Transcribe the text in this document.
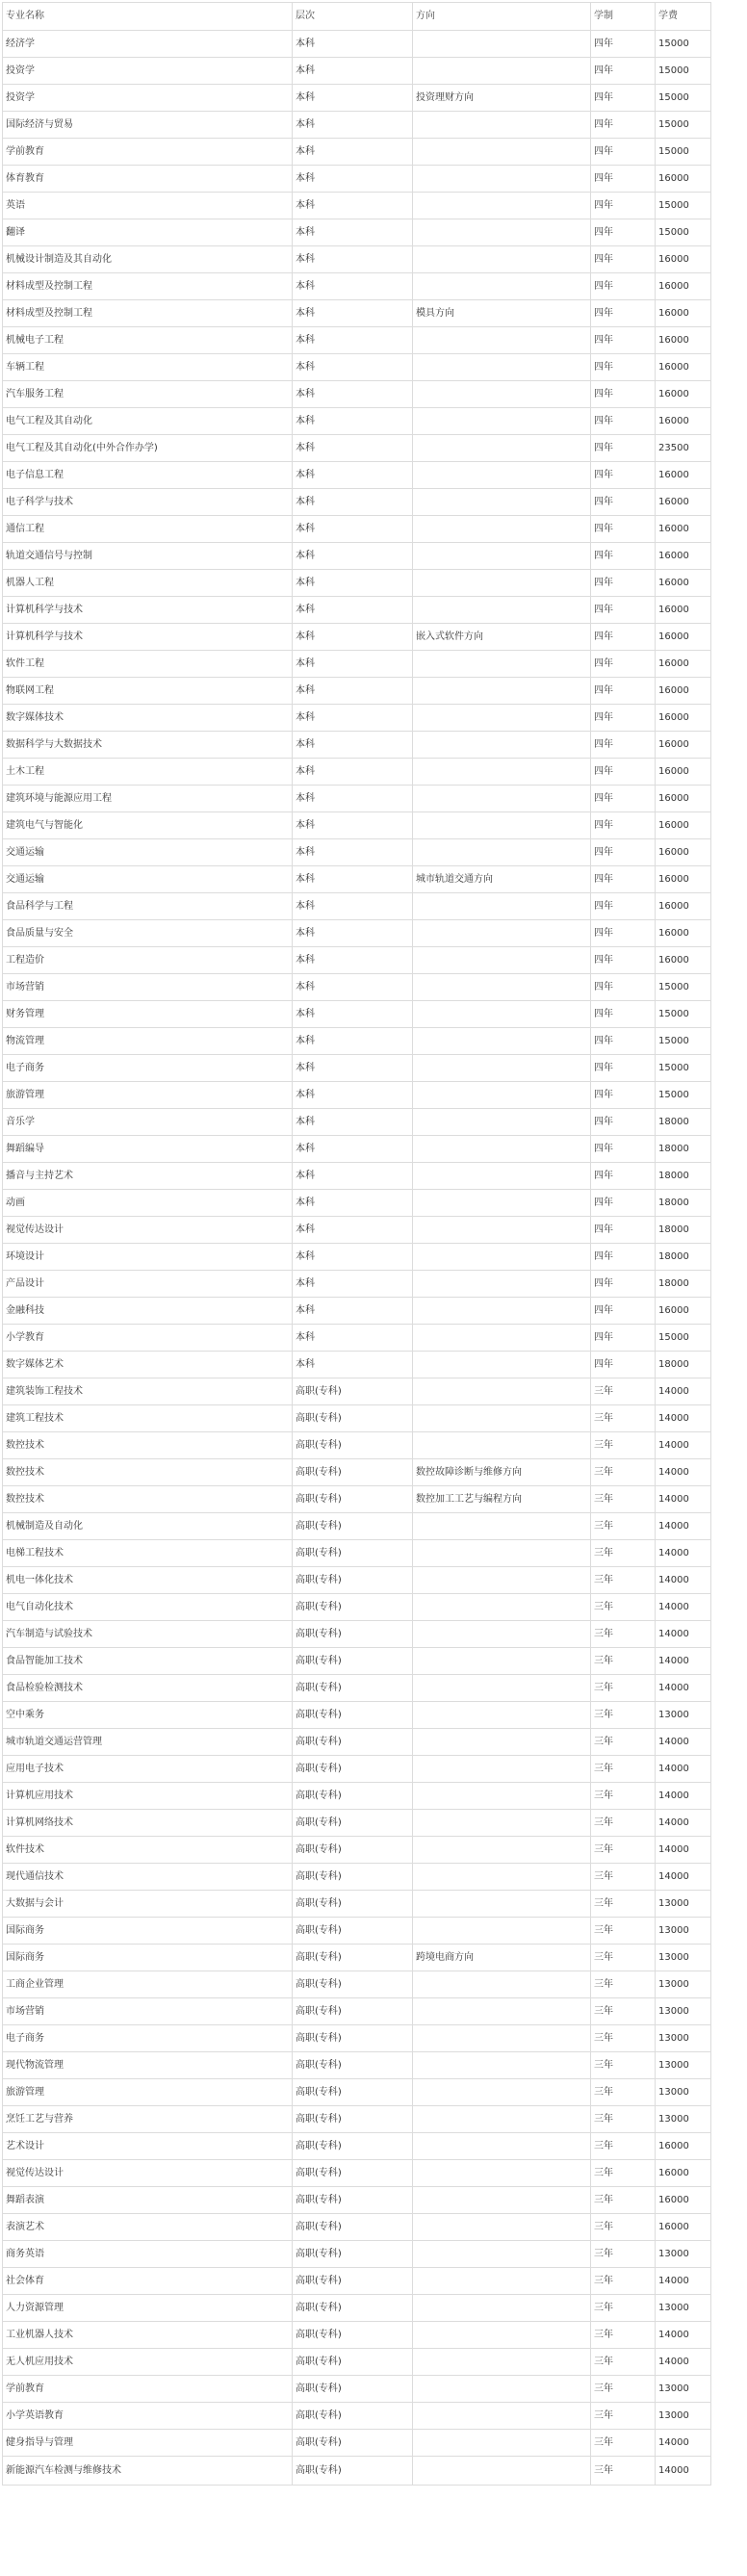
专业名称	层次	方向	学制	学费
经济学	本科		四年	15000
投资学	本科		四年	15000
投资学	本科	投资理财方向	四年	15000
国际经济与贸易	本科		四年	15000
学前教育	本科		四年	15000
体育教育	本科		四年	16000
英语	本科		四年	15000
翻译	本科		四年	15000
机械设计制造及其自动化	本科		四年	16000
材料成型及控制工程	本科		四年	16000
材料成型及控制工程	本科	模具方向	四年	16000
机械电子工程	本科		四年	16000
车辆工程	本科		四年	16000
汽车服务工程	本科		四年	16000
电气工程及其自动化	本科		四年	16000
电气工程及其自动化(中外合作办学)	本科		四年	23500
电子信息工程	本科		四年	16000
电子科学与技术	本科		四年	16000
通信工程	本科		四年	16000
轨道交通信号与控制	本科		四年	16000
机器人工程	本科		四年	16000
计算机科学与技术	本科		四年	16000
计算机科学与技术	本科	嵌入式软件方向	四年	16000
软件工程	本科		四年	16000
物联网工程	本科		四年	16000
数字媒体技术	本科		四年	16000
数据科学与大数据技术	本科		四年	16000
土木工程	本科		四年	16000
建筑环境与能源应用工程	本科		四年	16000
建筑电气与智能化	本科		四年	16000
交通运输	本科		四年	16000
交通运输	本科	城市轨道交通方向	四年	16000
食品科学与工程	本科		四年	16000
食品质量与安全	本科		四年	16000
工程造价	本科		四年	16000
市场营销	本科		四年	15000
财务管理	本科		四年	15000
物流管理	本科		四年	15000
电子商务	本科		四年	15000
旅游管理	本科		四年	15000
音乐学	本科		四年	18000
舞蹈编导	本科		四年	18000
播音与主持艺术	本科		四年	18000
动画	本科		四年	18000
视觉传达设计	本科		四年	18000
环境设计	本科		四年	18000
产品设计	本科		四年	18000
金融科技	本科		四年	16000
小学教育	本科		四年	15000
数字媒体艺术	本科		四年	18000
建筑装饰工程技术	高职(专科)		三年	14000
建筑工程技术	高职(专科)		三年	14000
数控技术	高职(专科)		三年	14000
数控技术	高职(专科)	数控故障诊断与维修方向	三年	14000
数控技术	高职(专科)	数控加工工艺与编程方向	三年	14000
机械制造及自动化	高职(专科)		三年	14000
电梯工程技术	高职(专科)		三年	14000
机电一体化技术	高职(专科)		三年	14000
电气自动化技术	高职(专科)		三年	14000
汽车制造与试验技术	高职(专科)		三年	14000
食品智能加工技术	高职(专科)		三年	14000
食品检验检测技术	高职(专科)		三年	14000
空中乘务	高职(专科)		三年	13000
城市轨道交通运营管理	高职(专科)		三年	14000
应用电子技术	高职(专科)		三年	14000
计算机应用技术	高职(专科)		三年	14000
计算机网络技术	高职(专科)		三年	14000
软件技术	高职(专科)		三年	14000
现代通信技术	高职(专科)		三年	14000
大数据与会计	高职(专科)		三年	13000
国际商务	高职(专科)		三年	13000
国际商务	高职(专科)	跨境电商方向	三年	13000
工商企业管理	高职(专科)		三年	13000
市场营销	高职(专科)		三年	13000
电子商务	高职(专科)		三年	13000
现代物流管理	高职(专科)		三年	13000
旅游管理	高职(专科)		三年	13000
烹饪工艺与营养	高职(专科)		三年	13000
艺术设计	高职(专科)		三年	16000
视觉传达设计	高职(专科)		三年	16000
舞蹈表演	高职(专科)		三年	16000
表演艺术	高职(专科)		三年	16000
商务英语	高职(专科)		三年	13000
社会体育	高职(专科)		三年	14000
人力资源管理	高职(专科)		三年	13000
工业机器人技术	高职(专科)		三年	14000
无人机应用技术	高职(专科)		三年	14000
学前教育	高职(专科)		三年	13000
小学英语教育	高职(专科)		三年	13000
健身指导与管理	高职(专科)		三年	14000
新能源汽车检测与维修技术	高职(专科)		三年	14000
